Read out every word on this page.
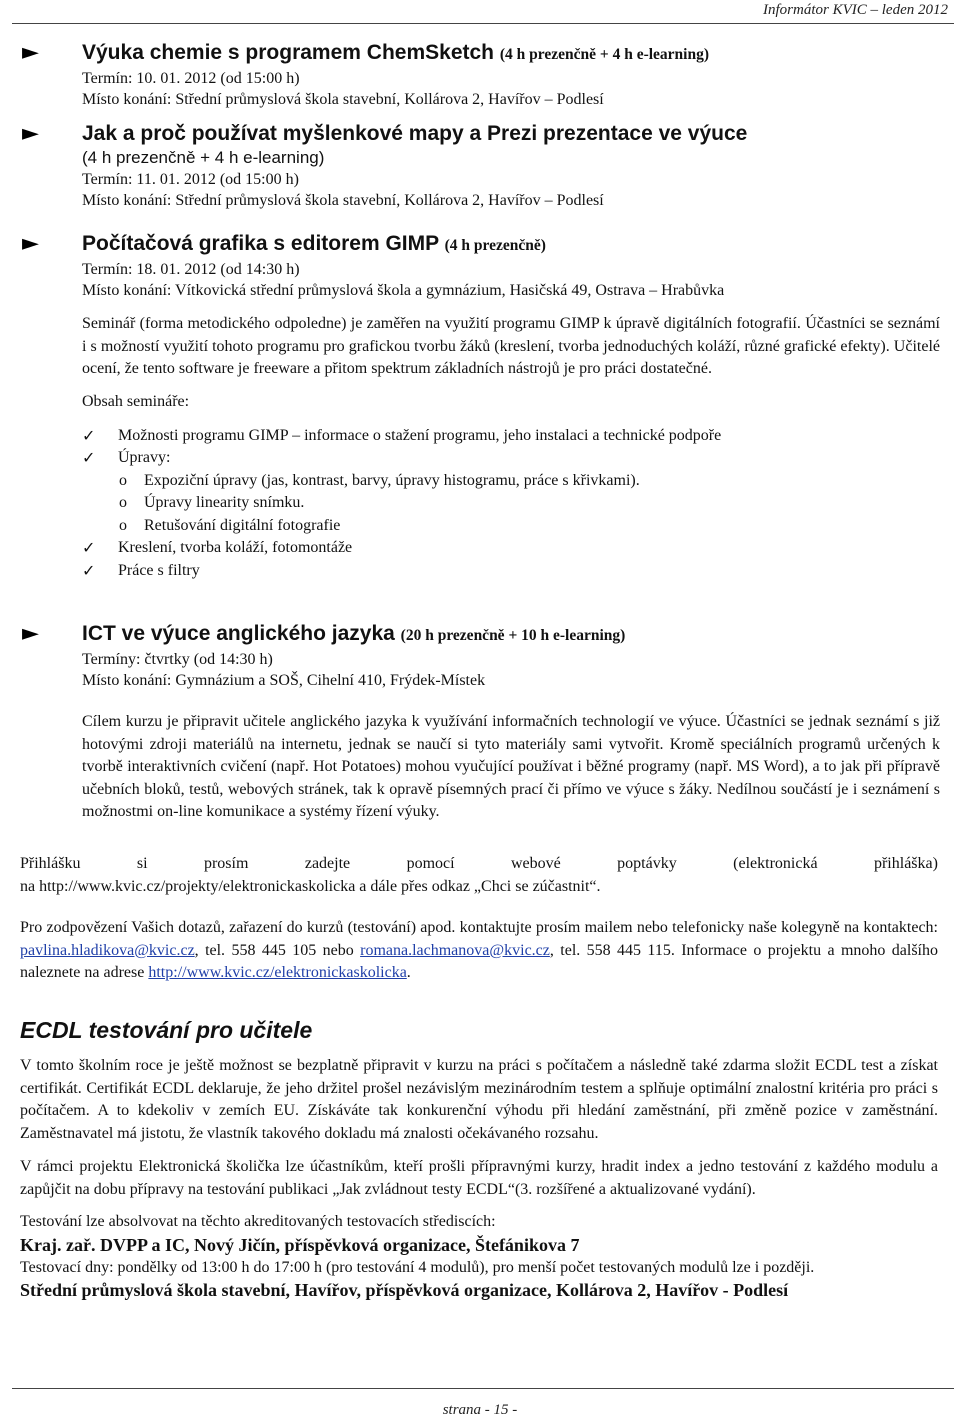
Informátor KVIC – leden 2012
►	Výuka chemie s programem ChemSketch (4 h prezenčně + 4 h e-learning)
Termín: 10. 01. 2012 (od 15:00 h)
Místo konání: Střední průmyslová škola stavební, Kollárova 2, Havířov – Podlesí
►	Jak a proč používat myšlenkové mapy a Prezi prezentace ve výuce
(4 h prezenčně + 4 h e-learning)
Termín: 11. 01. 2012 (od 15:00 h)
Místo konání: Střední průmyslová škola stavební, Kollárova 2, Havířov – Podlesí
►	Počítačová grafika s editorem GIMP (4 h prezenčně)
Termín: 18. 01. 2012 (od 14:30 h)
Místo konání: Vítkovická střední průmyslová škola a gymnázium, Hasičská 49, Ostrava – Hrabůvka

Seminář (forma metodického odpoledne) je zaměřen na využití programu GIMP k úpravě digitálních fotografií. Účastníci se seznámí i s možností využití tohoto programu pro grafickou tvorbu žáků (kreslení, tvorba jednoduchých koláží, různé grafické efekty). Učitelé ocení, že tento software je freeware a přitom spektrum základních nástrojů je pro práci dostatečné.

Obsah semináře:

✓ Možnosti programu GIMP – informace o stažení programu, jeho instalaci a technické podpoře
✓ Úpravy:
o Expoziční úpravy (jas, kontrast, barvy, úpravy histogramu, práce s křivkami).
o Úpravy linearity snímku.
o Retušování digitální fotografie
✓ Kreslení, tvorba koláží, fotomontáže
✓ Práce s filtry
►	ICT ve výuce anglického jazyka (20 h prezenčně + 10 h e-learning)
Termíny: čtvrtky (od 14:30 h)
Místo konání: Gymnázium a SOŠ, Cihelní 410, Frýdek-Místek

Cílem kurzu je připravit učitele anglického jazyka k využívání informačních technologií ve výuce. Účastníci se jednak seznámí s již hotovými zdroji materiálů na internetu, jednak se naučí si tyto materiály sami vytvořit. Kromě speciálních programů určených k tvorbě interaktivních cvičení (např. Hot Potatoes) mohou vyučující používat i běžné programy (např. MS Word), a to jak při přípravě učebních bloků, testů, webových stránek, tak k opravě písemných prací či přímo ve výuce s žáky. Nedílnou součástí je i seznámení s možnostmi on-line komunikace a systémy řízení výuky.

Přihlášku	si	prosím	zadejte	pomocí	webové	poptávky	(elektronická	přihláška)
na http://www.kvic.cz/projekty/elektronickaskolicka a dále přes odkaz „Chci se zúčastnit“.

Pro zodpovězení Vašich dotazů, zařazení do kurzů (testování) apod. kontaktujte prosím mailem nebo telefonicky naše kolegyně na kontaktech: pavlina.hladikova@kvic.cz, tel. 558 445 105 nebo romana.lachmanova@kvic.cz, tel. 558 445 115. Informace o projektu a mnoho dalšího naleznete na adrese http://www.kvic.cz/elektronickaskolicka.

ECDL testování pro učitele

V tomto školním roce je ještě možnost se bezplatně připravit v kurzu na práci s počítačem a následně také zdarma složit ECDL test a získat certifikát. Certifikát ECDL deklaruje, že jeho držitel prošel nezávislým mezinárodním testem a splňuje optimální znalostní kritéria pro práci s počítačem. A to kdekoliv v zemích EU. Získáváte tak konkurenční výhodu při hledání zaměstnání, při změně pozice v zaměstnání. Zaměstnavatel má jistotu, že vlastník takového dokladu má znalosti očekávaného rozsahu.

V rámci projektu Elektronická školička lze účastníkům, kteří prošli přípravnými kurzy, hradit index a jedno testování z každého modulu a zapůjčit na dobu přípravy na testování publikaci „Jak zvládnout testy ECDL“(3. rozšířené a aktualizované vydání).

Testování lze absolvovat na těchto akreditovaných testovacích střediscích:

Kraj. zař. DVPP a IC, Nový Jičín, příspěvková organizace, Štefánikova 7

Testovací dny: pondělky od 13:00 h do 17:00 h (pro testování 4 modulů), pro menší počet testovaných modulů lze i později.

Střední průmyslová škola stavební, Havířov, příspěvková organizace, Kollárova 2, Havířov - Podlesí
strana - 15 -
